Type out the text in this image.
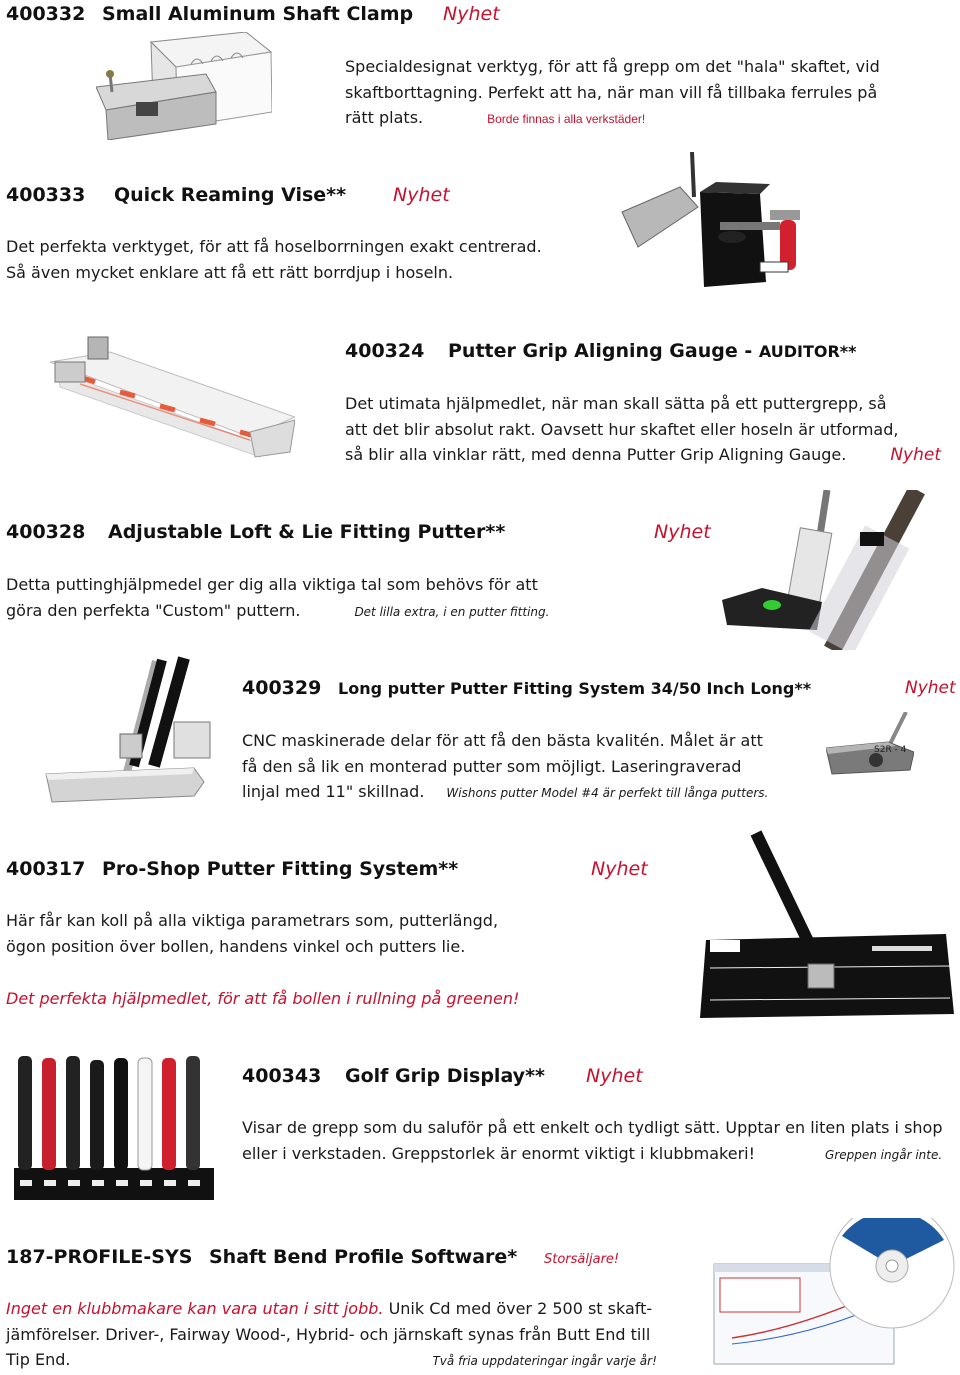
400332 Small Aluminum Shaft Clamp Nyhet
Specialdesignat verktyg, för att få grepp om det "hala" skaftet, vid
skaftborttagning. Perfekt att ha, när man vill få tillbaka ferrules på
rätt plats.	Borde finnas i alla verkstäder!
400333 Quick Reaming Vise** Nyhet
Det perfekta verktyget, för att få hoselborrningen exakt centrerad.
Så även mycket enklare att få ett rätt borrdjup i hoseln.
400324 Putter Grip Aligning Gauge - AUDITOR**
Det utimata hjälpmedlet, när man skall sätta på ett puttergrepp, så
att det blir absolut rakt. Oavsett hur skaftet eller hoseln är utformad,
så blir alla vinklar rätt, med denna Putter Grip Aligning Gauge.	Nyhet
400328 Adjustable Loft & Lie Fitting Putter**	Nyhet
Detta puttinghjälpmedel ger dig alla viktiga tal som behövs för att
göra den perfekta "Custom" puttern.	Det lilla extra, i en putter fitting.
400329 Long putter Putter Fitting System 34/50 Inch Long**	Nyhet
CNC maskinerade delar för att få den bästa kvalitén. Målet är att
få den så lik en monterad putter som möjligt. Laseringraverad
linjal med 11" skillnad. Wishons putter Model #4 är perfekt till långa putters.
S2R - 4
400317 Pro-Shop Putter Fitting System**	Nyhet
Här får kan koll på alla viktiga parametrars som, putterlängd,
ögon position över bollen, handens vinkel och putters lie.
Det perfekta hjälpmedlet, för att få bollen i rullning på greenen!
400343 Golf Grip Display** Nyhet
Visar de grepp som du saluför på ett enkelt och tydligt sätt. Upptar en liten plats i shop
eller i verkstaden. Greppstorlek är enormt viktigt i klubbmakeri!	Greppen ingår inte.
187-PROFILE-SYS Shaft Bend Profile Software* Storsäljare!
Inget en klubbmakare kan vara utan i sitt jobb. Unik Cd med över 2 500 st skaft-
jämförelser. Driver-, Fairway Wood-, Hybrid- och järnskaft synas från Butt End till
Tip End.	Två fria uppdateringar ingår varje år!
